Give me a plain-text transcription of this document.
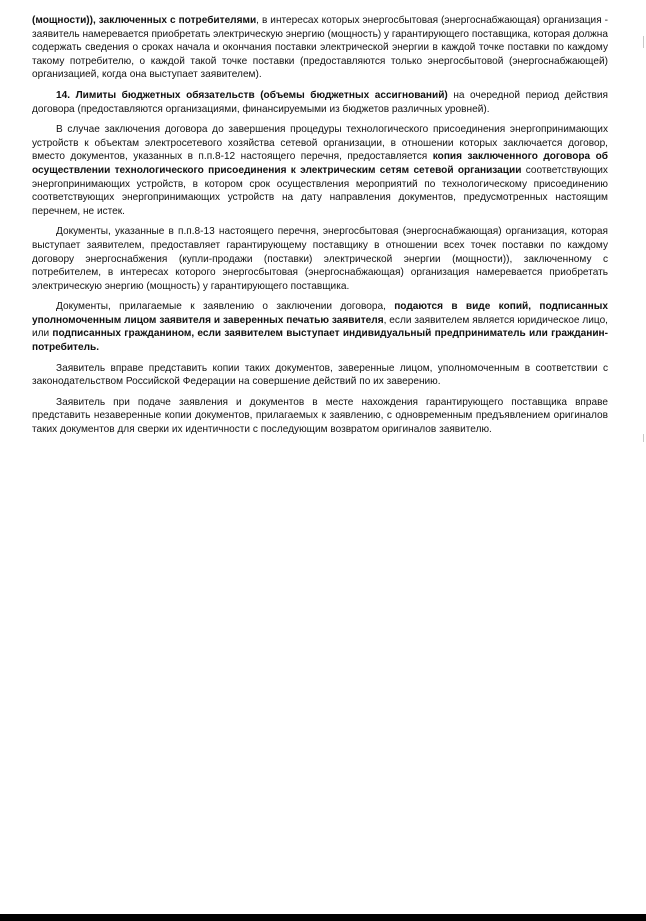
(мощности)), заключенных с потребителями, в интересах которых энергосбытовая (энергоснабжающая) организация - заявитель намеревается приобретать электрическую энергию (мощность) у гарантирующего поставщика, которая должна содержать сведения о сроках начала и окончания поставки электрической энергии в каждой точке поставки по каждому такому потребителю, о каждой такой точке поставки (предоставляются только энергосбытовой (энергоснабжающей) организацией, когда она выступает заявителем).

14. Лимиты бюджетных обязательств (объемы бюджетных ассигнований) на очередной период действия договора (предоставляются организациями, финансируемыми из бюджетов различных уровней).

В случае заключения договора до завершения процедуры технологического присоединения энергопринимающих устройств к объектам электросетевого хозяйства сетевой организации, в отношении которых заключается договор, вместо документов, указанных в п.п.8-12 настоящего перечня, предоставляется копия заключенного договора об осуществлении технологического присоединения к электрическим сетям сетевой организации соответствующих энергопринимающих устройств, в котором срок осуществления мероприятий по технологическому присоединению соответствующих энергопринимающих устройств на дату направления документов, предусмотренных настоящим перечнем, не истек.

Документы, указанные в п.п.8-13 настоящего перечня, энергосбытовая (энергоснабжающая) организация, которая выступает заявителем, предоставляет гарантирующему поставщику в отношении всех точек поставки по каждому договору энергоснабжения (купли-продажи (поставки) электрической энергии (мощности)), заключенному с потребителем, в интересах которого энергосбытовая (энергоснабжающая) организация намеревается приобретать электрическую энергию (мощность) у гарантирующего поставщика.

Документы, прилагаемые к заявлению о заключении договора, подаются в виде копий, подписанных уполномоченным лицом заявителя и заверенных печатью заявителя, если заявителем является юридическое лицо, или подписанных гражданином, если заявителем выступает индивидуальный предприниматель или гражданин-потребитель.

Заявитель вправе представить копии таких документов, заверенные лицом, уполномоченным в соответствии с законодательством Российской Федерации на совершение действий по их заверению.

Заявитель при подаче заявления и документов в месте нахождения гарантирующего поставщика вправе представить незаверенные копии документов, прилагаемых к заявлению, с одновременным предъявлением оригиналов таких документов для сверки их идентичности с последующим возвратом оригиналов заявителю.
